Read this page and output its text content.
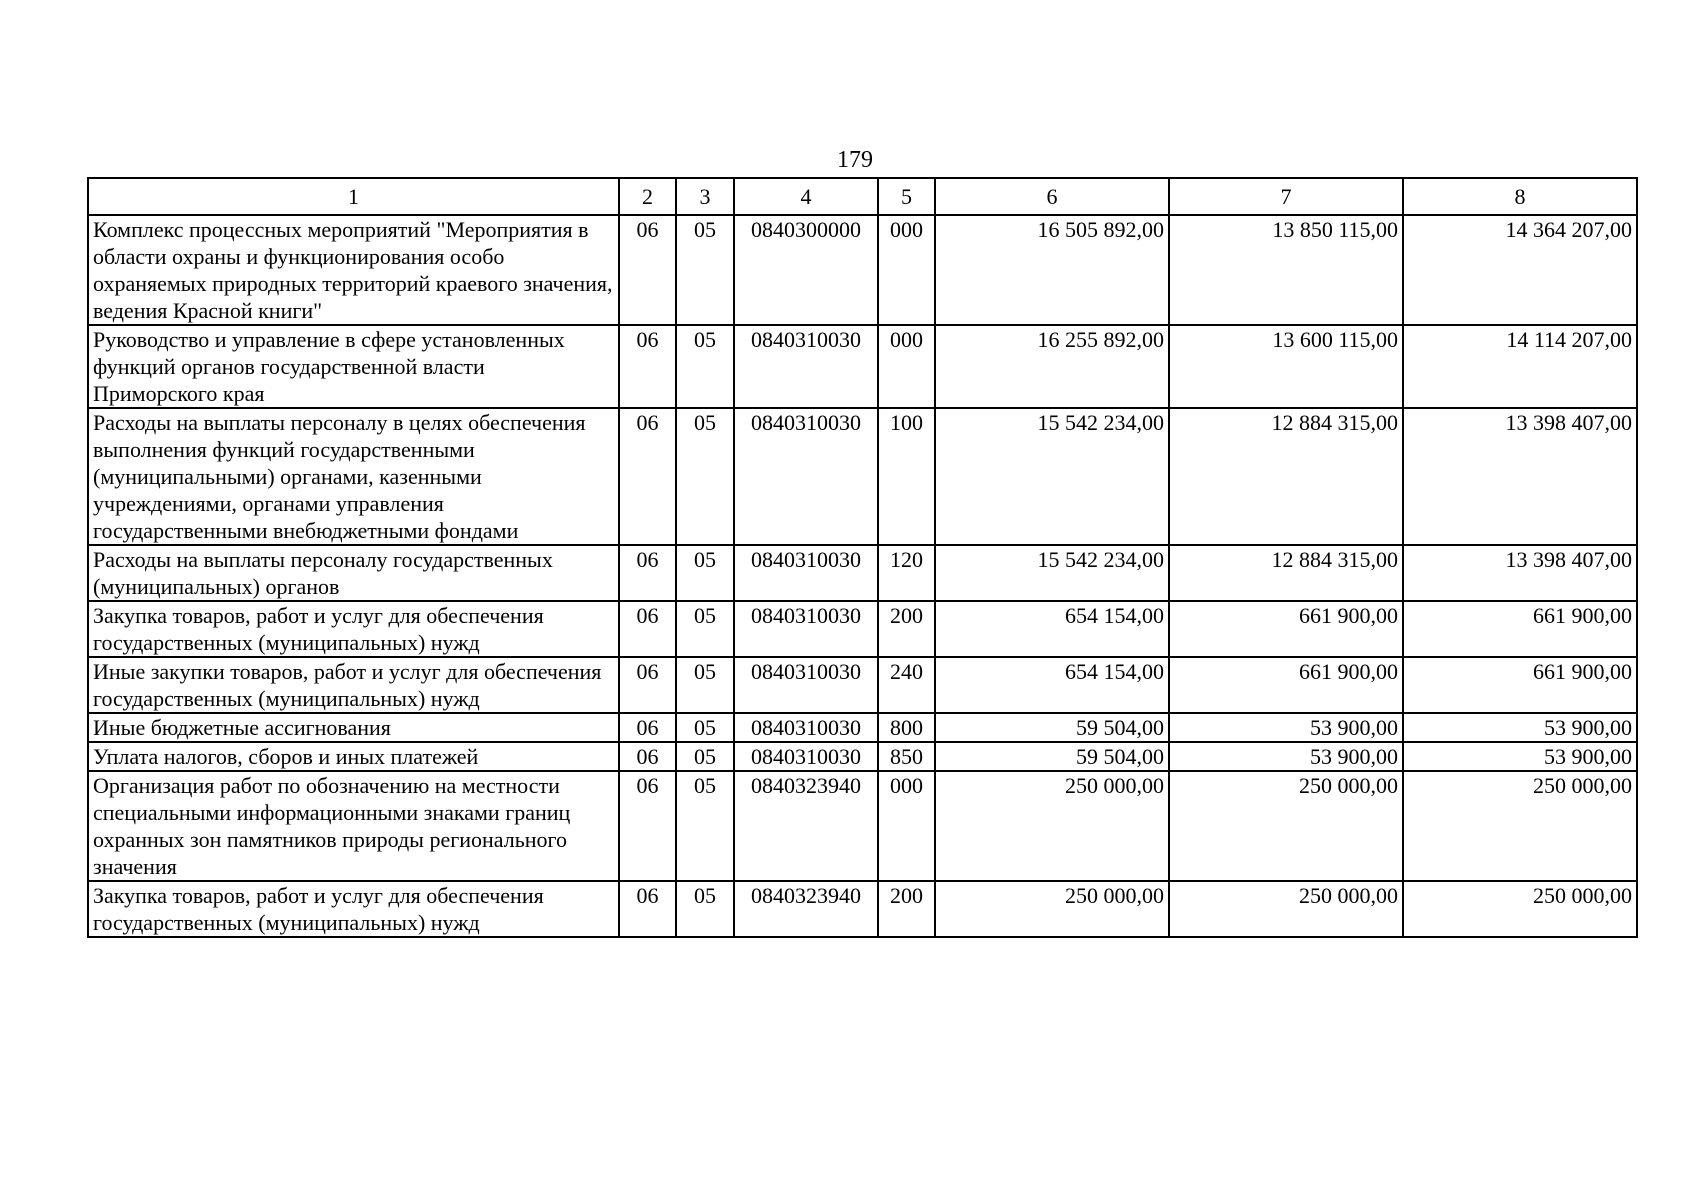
179
1	2	3	4	5	6	7	8
Комплекс процессных мероприятий "Мероприятия в области охраны и функционирования особо охраняемых природных территорий краевого значения, ведения Красной книги"	06	05	0840300000	000	16 505 892,00	13 850 115,00	14 364 207,00
Руководство и управление в сфере установленных функций органов государственной власти Приморского края	06	05	0840310030	000	16 255 892,00	13 600 115,00	14 114 207,00
Расходы на выплаты персоналу в целях обеспечения выполнения функций государственными (муниципальными) органами, казенными учреждениями, органами управления государственными внебюджетными фондами	06	05	0840310030	100	15 542 234,00	12 884 315,00	13 398 407,00
Расходы на выплаты персоналу государственных (муниципальных) органов	06	05	0840310030	120	15 542 234,00	12 884 315,00	13 398 407,00
Закупка товаров, работ и услуг для обеспечения государственных (муниципальных) нужд	06	05	0840310030	200	654 154,00	661 900,00	661 900,00
Иные закупки товаров, работ и услуг для обеспечения государственных (муниципальных) нужд	06	05	0840310030	240	654 154,00	661 900,00	661 900,00
Иные бюджетные ассигнования	06	05	0840310030	800	59 504,00	53 900,00	53 900,00
Уплата налогов, сборов и иных платежей	06	05	0840310030	850	59 504,00	53 900,00	53 900,00
Организация работ по обозначению на местности специальными информационными знаками границ охранных зон памятников природы регионального значения	06	05	0840323940	000	250 000,00	250 000,00	250 000,00
Закупка товаров, работ и услуг для обеспечения государственных (муниципальных) нужд	06	05	0840323940	200	250 000,00	250 000,00	250 000,00
